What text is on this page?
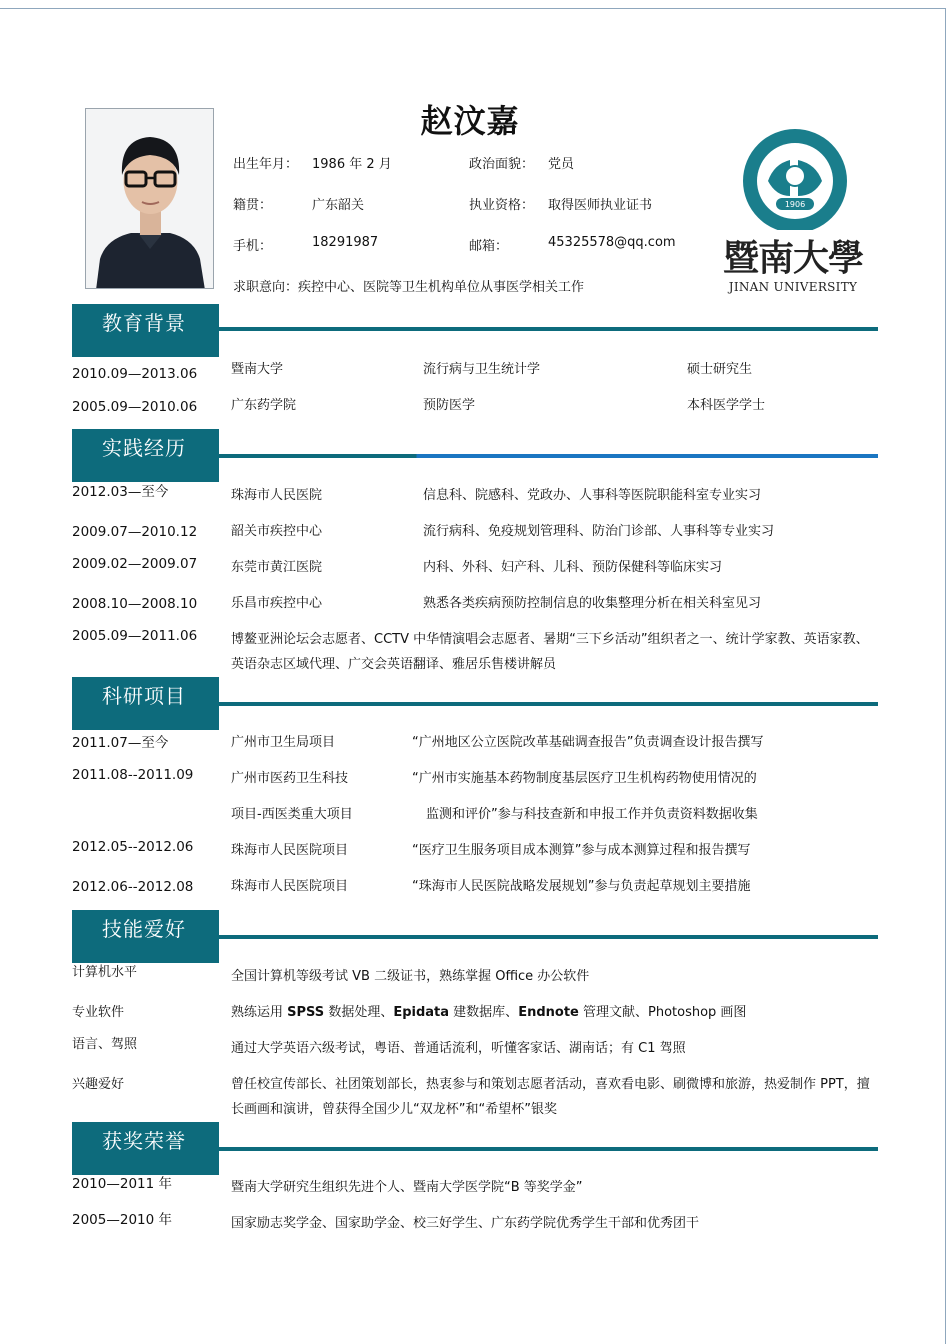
赵汶嘉
出生年月： 1986 年 2 月	政治面貌： 党员
籍贯：	广东韶关	执业资格： 取得医师执业证书
手机：	18291987	邮箱：	45325578@qq.com
求职意向：疾控中心、医院等卫生机构单位从事医学相关工作
1906
暨南大學
JINAN UNIVERSITY
教育背景
2010.09—2013.06	暨南大学	流行病与卫生统计学	硕士研究生
2005.09—2010.06	广东药学院	预防医学	本科医学学士
实践经历
2012.03—至今	珠海市人民医院	信息科、院感科、党政办、人事科等医院职能科室专业实习
2009.07—2010.12	韶关市疾控中心	流行病科、免疫规划管理科、防治门诊部、人事科等专业实习
2009.02—2009.07	东莞市黄江医院	内科、外科、妇产科、儿科、预防保健科等临床实习
2008.10—2008.10	乐昌市疾控中心	熟悉各类疾病预防控制信息的收集整理分析在相关科室见习
2005.09—2011.06	博鳌亚洲论坛会志愿者、CCTV 中华情演唱会志愿者、暑期“三下乡活动”组织者之一、统计学家教、英语家教、英语杂志区域代理、广交会英语翻译、雅居乐售楼讲解员
科研项目
2011.07—至今	广州市卫生局项目	“广州地区公立医院改革基础调查报告”负责调查设计报告撰写
2011.08--2011.09	广州市医药卫生科技	“广州市实施基本药物制度基层医疗卫生机构药物使用情况的
项目-西医类重大项目	监测和评价”参与科技查新和申报工作并负责资料数据收集
2012.05--2012.06	珠海市人民医院项目	“医疗卫生服务项目成本测算”参与成本测算过程和报告撰写
2012.06--2012.08	珠海市人民医院项目	“珠海市人民医院战略发展规划”参与负责起草规划主要措施
技能爱好
计算机水平	全国计算机等级考试 VB 二级证书，熟练掌握 Office 办公软件
专业软件	熟练运用 SPSS 数据处理、Epidata 建数据库、Endnote 管理文献、Photoshop 画图
语言、驾照	通过大学英语六级考试，粤语、普通话流利，听懂客家话、湖南话；有 C1 驾照
兴趣爱好	曾任校宣传部长、社团策划部长，热衷参与和策划志愿者活动，喜欢看电影、刷微博和旅游，热爱制作 PPT，擅长画画和演讲，曾获得全国少儿“双龙杯”和“希望杯”银奖
获奖荣誉
2010—2011 年	暨南大学研究生组织先进个人、暨南大学医学院“B 等奖学金”
2005—2010 年	国家励志奖学金、国家助学金、校三好学生、广东药学院优秀学生干部和优秀团干
